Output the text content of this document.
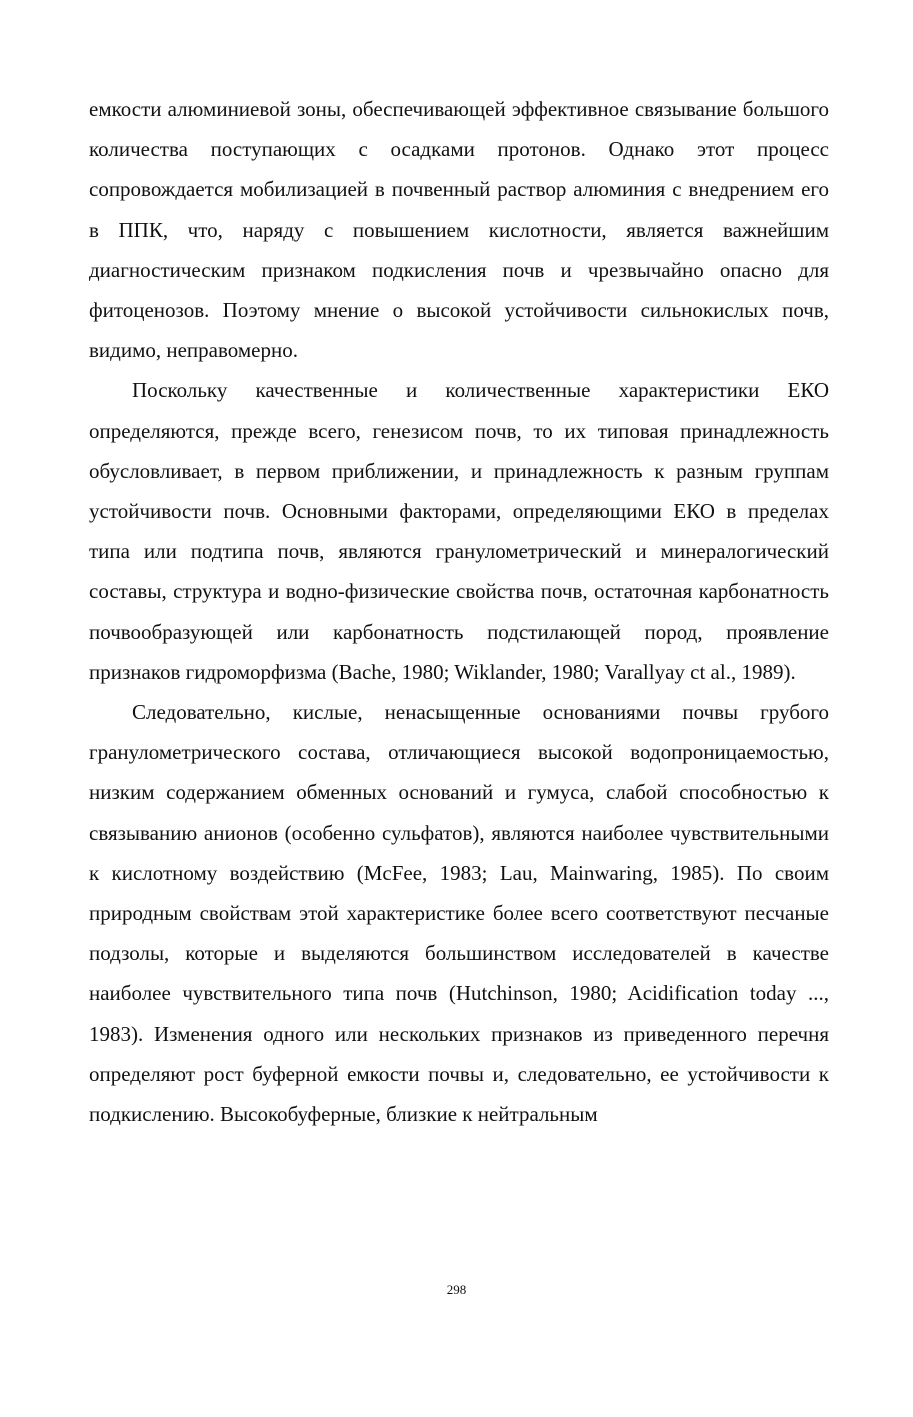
емкости алюминиевой зоны, обеспечивающей эффективное связывание большого количества поступающих с осадками протонов. Однако этот процесс сопровождается мобилизацией в почвенный раствор алюминия с внедрением его в ППК, что, наряду с повышением кислотности, является важнейшим диагностическим признаком подкисления почв и чрезвычайно опасно для фитоценозов. Поэтому мнение о высокой устойчивости сильнокислых почв, видимо, неправомерно.

Поскольку качественные и количественные характеристики ЕКО определяются, прежде всего, генезисом почв, то их типовая принадлежность обусловливает, в первом приближении, и принадлежность к разным группам устойчивости почв. Основными факторами, определяющими ЕКО в пределах типа или подтипа почв, являются гранулометрический и минералогический составы, структура и водно-физические свойства почв, остаточная карбонатность почвообразующей или карбонатность подстилающей пород, проявление признаков гидроморфизма (Bache, 1980; Wiklander, 1980; Varallyay ct al., 1989).

Следовательно, кислые, ненасыщенные основаниями почвы грубого гранулометрического состава, отличающиеся высокой водопроницаемостью, низким содержанием обменных оснований и гумуса, слабой способностью к связыванию анионов (особенно сульфатов), являются наиболее чувствительными к кислотному воздействию (McFee, 1983; Lau, Mainwaring, 1985). По своим природным свойствам этой характеристике более всего соответствуют песчаные подзолы, которые и выделяются большинством исследователей в качестве наиболее чувствительного типа почв (Hutchinson, 1980; Acidification today ..., 1983). Изменения одного или нескольких признаков из приведенного перечня определяют рост буферной емкости почвы и, следовательно, ее устойчивости к подкислению. Высокобуферные, близкие к нейтральным

298
